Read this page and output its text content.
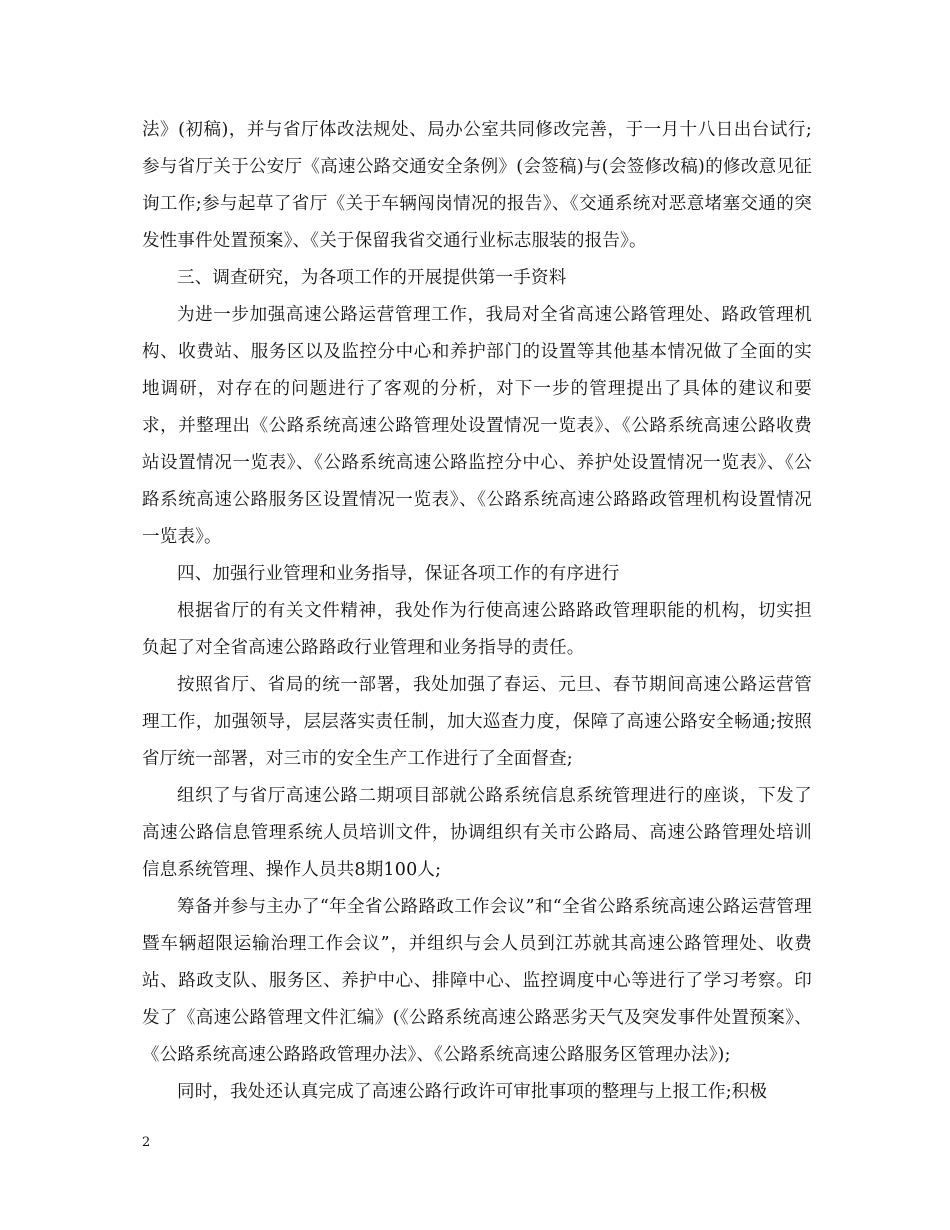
法》(初稿)，并与省厅体改法规处、局办公室共同修改完善，于一月十八日出台试行;参与省厅关于公安厅《高速公路交通安全条例》(会签稿)与(会签修改稿)的修改意见征询工作;参与起草了省厅《关于车辆闯岗情况的报告》、《交通系统对恶意堵塞交通的突发性事件处置预案》、《关于保留我省交通行业标志服装的报告》。

三、调查研究，为各项工作的开展提供第一手资料

为进一步加强高速公路运营管理工作，我局对全省高速公路管理处、路政管理机构、收费站、服务区以及监控分中心和养护部门的设置等其他基本情况做了全面的实地调研，对存在的问题进行了客观的分析，对下一步的管理提出了具体的建议和要求，并整理出《公路系统高速公路管理处设置情况一览表》、《公路系统高速公路收费站设置情况一览表》、《公路系统高速公路监控分中心、养护处设置情况一览表》、《公路系统高速公路服务区设置情况一览表》、《公路系统高速公路路政管理机构设置情况一览表》。

四、加强行业管理和业务指导，保证各项工作的有序进行

根据省厅的有关文件精神，我处作为行使高速公路路政管理职能的机构，切实担负起了对全省高速公路路政行业管理和业务指导的责任。

按照省厅、省局的统一部署，我处加强了春运、元旦、春节期间高速公路运营管理工作，加强领导，层层落实责任制，加大巡查力度，保障了高速公路安全畅通;按照省厅统一部署，对三市的安全生产工作进行了全面督查;

组织了与省厅高速公路二期项目部就公路系统信息系统管理进行的座谈，下发了高速公路信息管理系统人员培训文件，协调组织有关市公路局、高速公路管理处培训信息系统管理、操作人员共8期100人;

筹备并参与主办了“年全省公路路政工作会议”和“全省公路系统高速公路运营管理暨车辆超限运输治理工作会议”，并组织与会人员到江苏就其高速公路管理处、收费站、路政支队、服务区、养护中心、排障中心、监控调度中心等进行了学习考察。印发了《高速公路管理文件汇编》(《公路系统高速公路恶劣天气及突发事件处置预案》、《公路系统高速公路路政管理办法》、《公路系统高速公路服务区管理办法》);

同时，我处还认真完成了高速公路行政许可审批事项的整理与上报工作;积极

2
